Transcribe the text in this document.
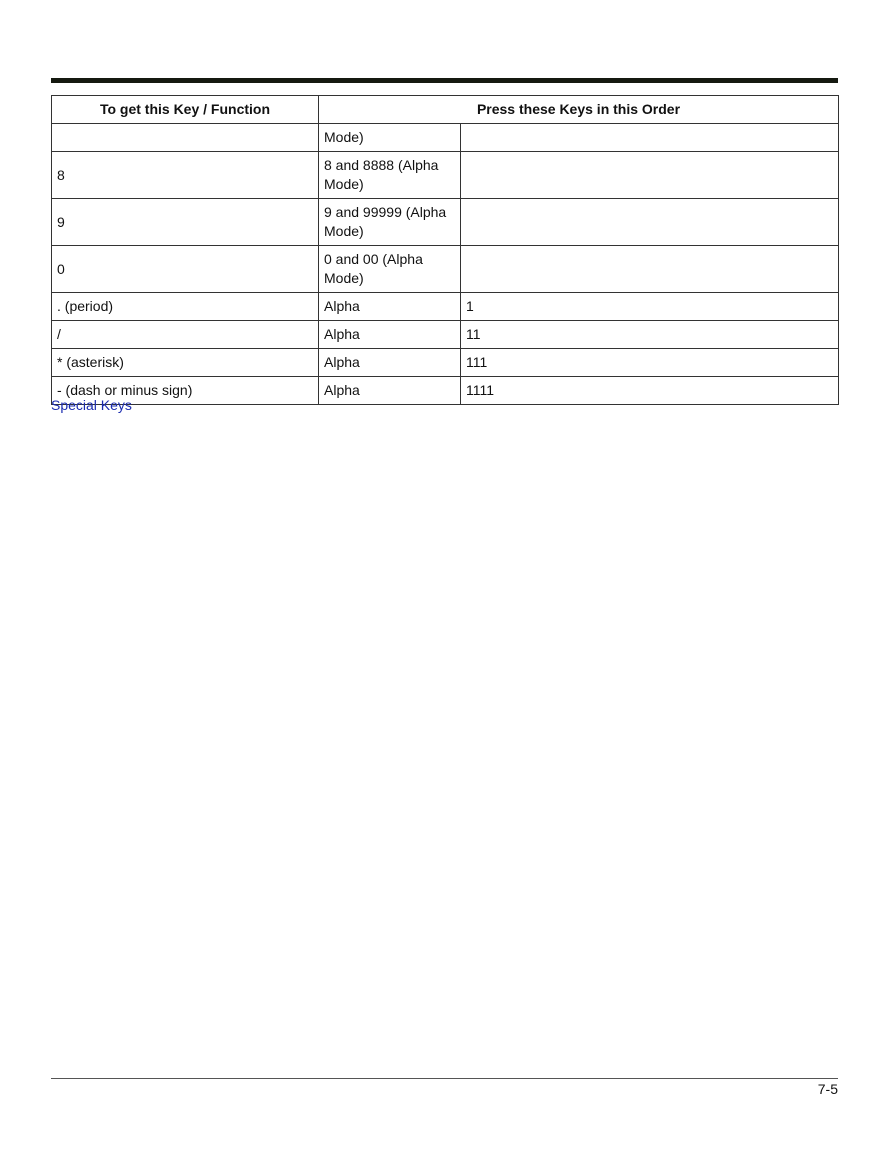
To get this Key / Function	Press these Keys in this Order	
	Mode)	
8	8 and 8888 (Alpha Mode)	
9	9 and 99999 (Alpha Mode)	
0	0 and 00 (Alpha Mode)	
. (period)	Alpha	1
/	Alpha	11
* (asterisk)	Alpha	111
- (dash or minus sign)	Alpha	1111
Special Keys
7-5
